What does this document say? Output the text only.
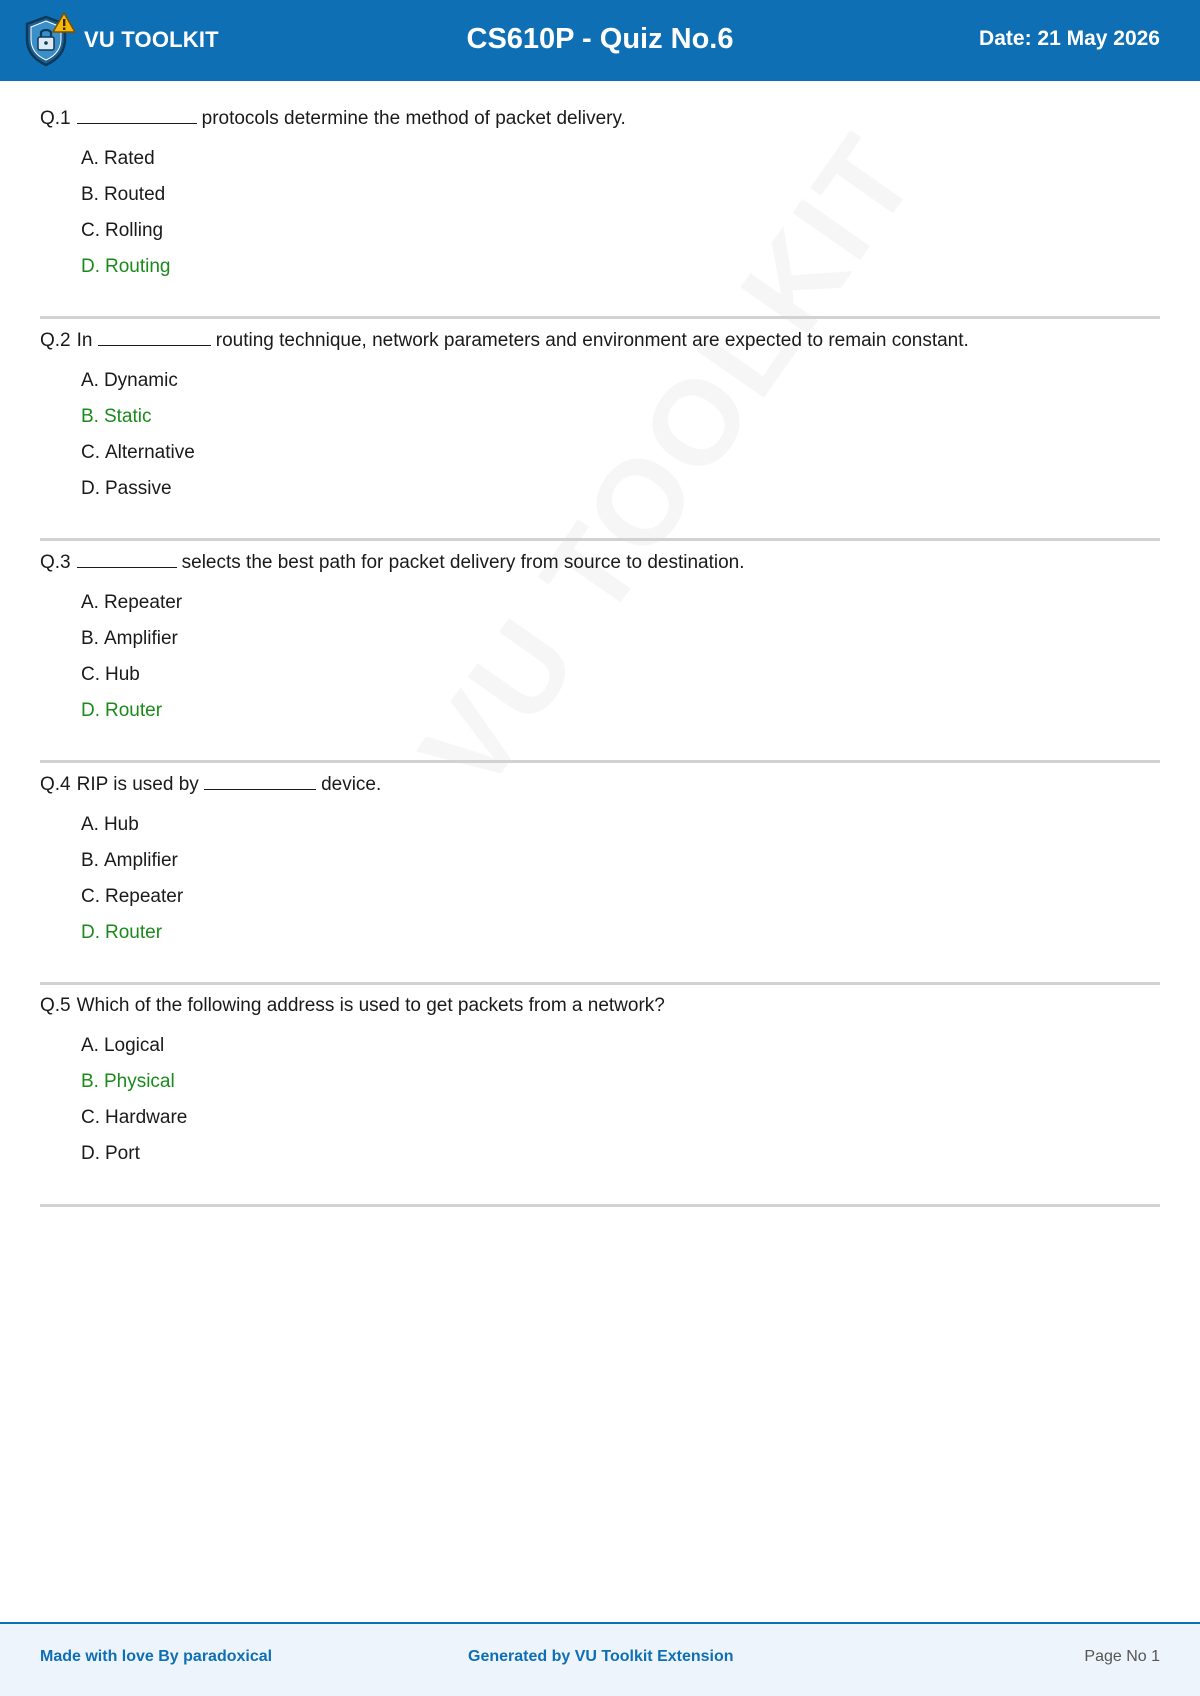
VU TOOLKIT	CS610P - Quiz No.6	Date: 21 May 2026

Q.1	protocols determine the method of packet delivery.

A. Rated
B. Routed
C. Rolling
D. Routing

Q.2 In	routing technique, network parameters and environment are expected to remain constant.

A. Dynamic
B. Static
C. Alternative
D. Passive

Q.3	selects the best path for packet delivery from source to destination.

A. Repeater
B. Amplifier
C. Hub
D. Router

Q.4 RIP is used by	device.

A. Hub
B. Amplifier
C. Repeater
D. Router

Q.5 Which of the following address is used to get packets from a network?

A. Logical
B. Physical
C. Hardware
D. Port
Made with love By paradoxical	Generated by VU Toolkit Extension	Page No 1
